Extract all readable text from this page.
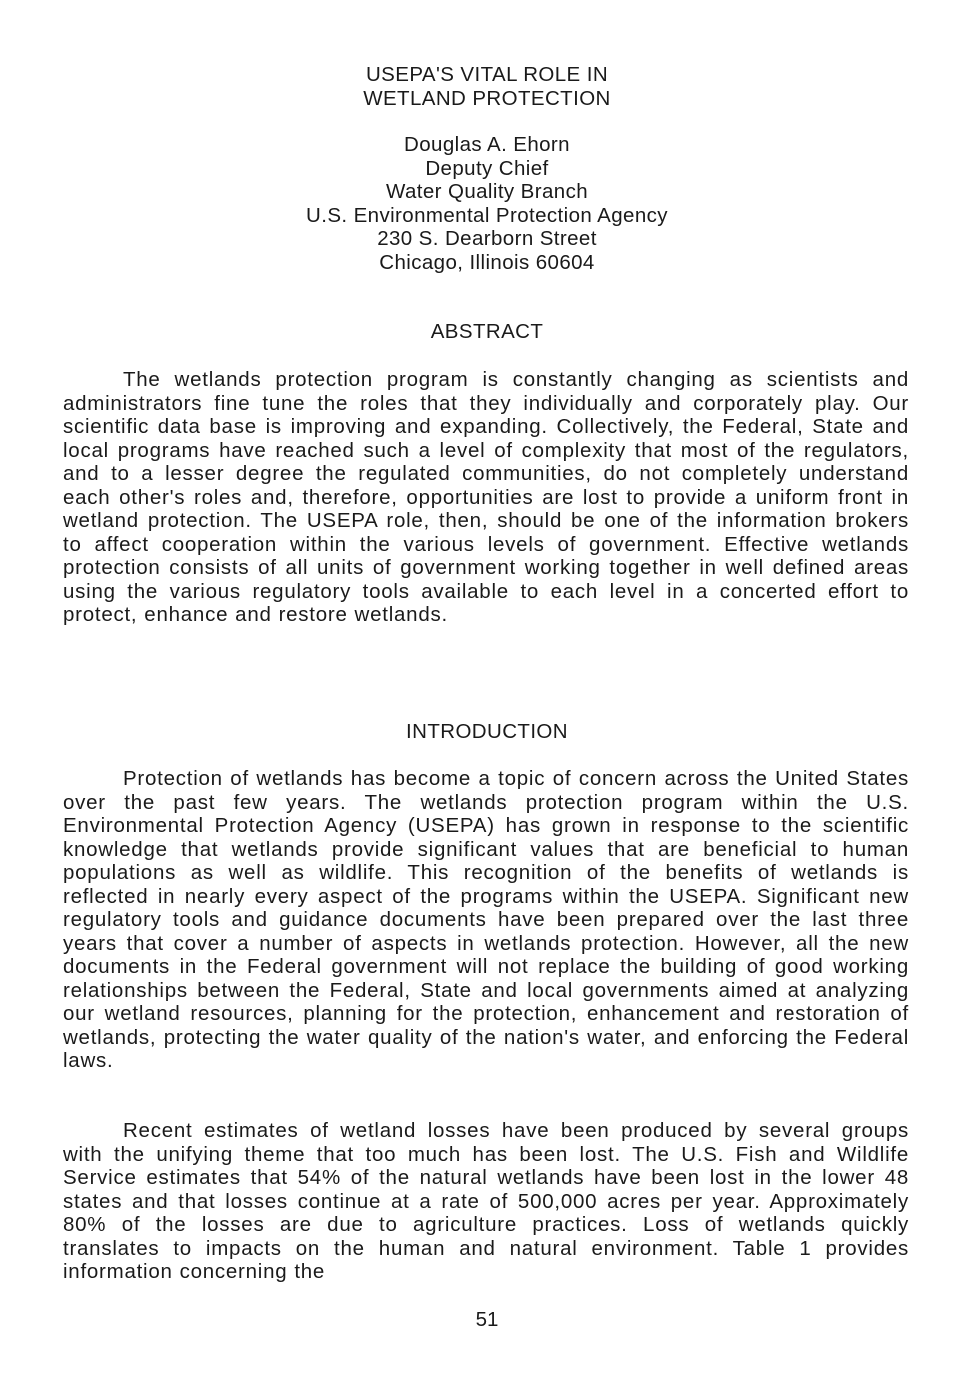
USEPA'S VITAL ROLE IN
WETLAND PROTECTION
Douglas A. Ehorn
Deputy Chief
Water Quality Branch
U.S. Environmental Protection Agency
230 S. Dearborn Street
Chicago, Illinois 60604
ABSTRACT

The wetlands protection program is constantly changing as scientists and administrators fine tune the roles that they individually and corporately play. Our scientific data base is improving and expanding. Collectively, the Federal, State and local programs have reached such a level of complexity that most of the regulators, and to a lesser degree the regulated communities, do not completely understand each other's roles and, therefore, opportunities are lost to provide a uniform front in wetland protection. The USEPA role, then, should be one of the information brokers to affect cooperation within the various levels of government. Effective wetlands protection consists of all units of government working together in well defined areas using the various regulatory tools available to each level in a concerted effort to protect, enhance and restore wetlands.

INTRODUCTION

Protection of wetlands has become a topic of concern across the United States over the past few years. The wetlands protection program within the U.S. Environmental Protection Agency (USEPA) has grown in response to the scientific knowledge that wetlands provide significant values that are beneficial to human populations as well as wildlife. This recognition of the benefits of wetlands is reflected in nearly every aspect of the programs within the USEPA. Significant new regulatory tools and guidance documents have been prepared over the last three years that cover a number of aspects in wetlands protection. However, all the new documents in the Federal government will not replace the building of good working relationships between the Federal, State and local governments aimed at analyzing our wetland resources, planning for the protection, enhancement and restoration of wetlands, protecting the water quality of the nation's water, and enforcing the Federal laws.

Recent estimates of wetland losses have been produced by several groups with the unifying theme that too much has been lost. The U.S. Fish and Wildlife Service estimates that 54% of the natural wetlands have been lost in the lower 48 states and that losses continue at a rate of 500,000 acres per year. Approximately 80% of the losses are due to agriculture practices. Loss of wetlands quickly translates to impacts on the human and natural environment. Table 1 provides information concerning the

51
